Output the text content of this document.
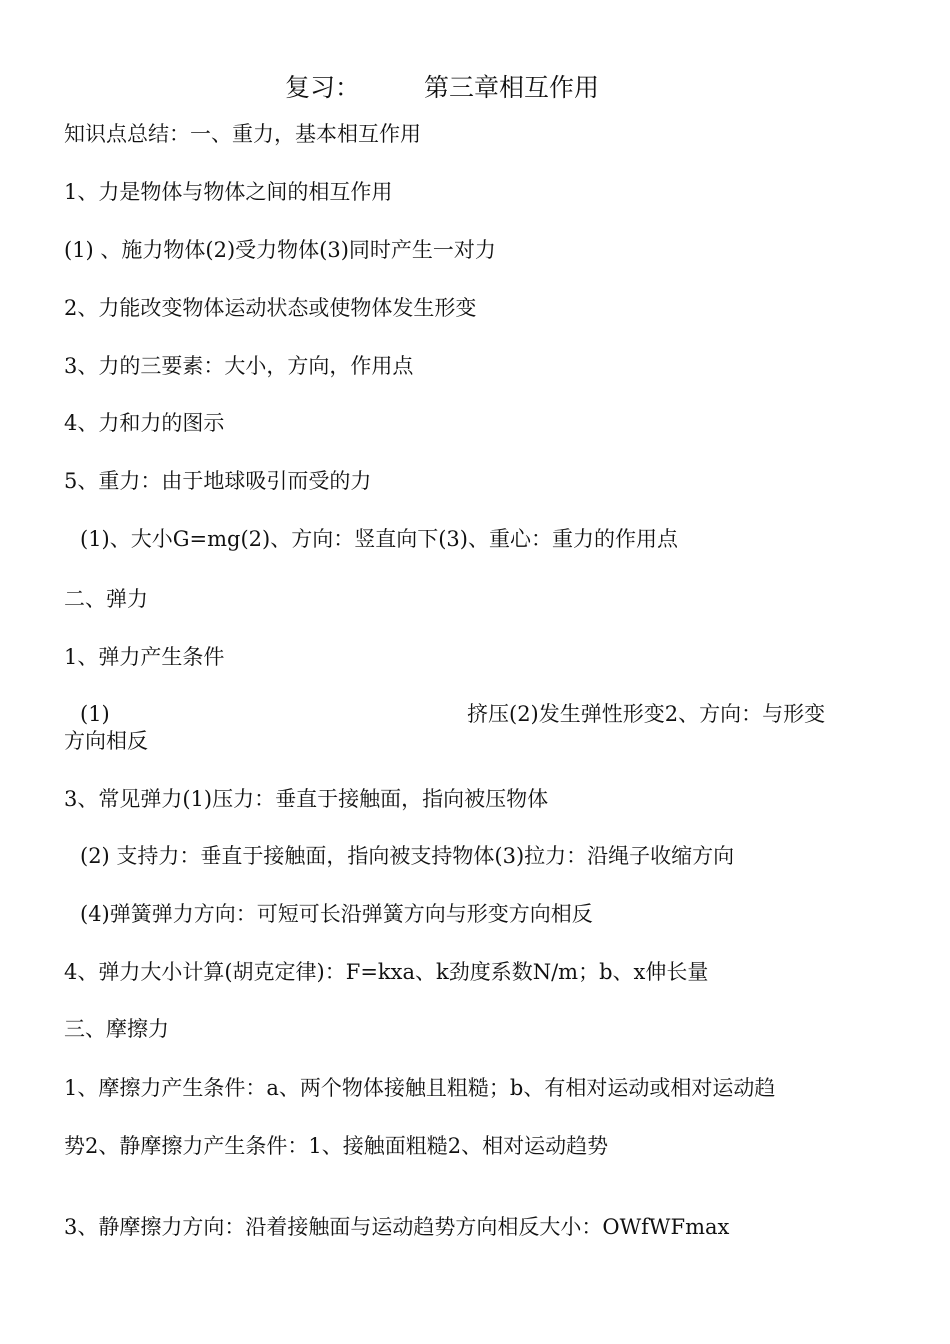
复习：	第三章相互作用
知识点总结：一、重力，基本相互作用
1、力是物体与物体之间的相互作用
(1) 、施力物体(2)受力物体(3)同时产生一对力
2、力能改变物体运动状态或使物体发生形变
3、力的三要素：大小，方向，作用点
4、力和力的图示
5、重力：由于地球吸引而受的力
(1)、大小G=mg(2)、方向：竖直向下(3)、重心：重力的作用点
二、弹力
1、弹力产生条件
(1)	挤压(2)发生弹性形变2、方向：与形变
方向相反
3、常见弹力(1)压力：垂直于接触面，指向被压物体
(2) 支持力：垂直于接触面，指向被支持物体(3)拉力：沿绳子收缩方向
(4)弹簧弹力方向：可短可长沿弹簧方向与形变方向相反
4、弹力大小计算(胡克定律)：F=kxa、k劲度系数N/m；b、x伸长量
三、摩擦力
1、摩擦力产生条件：a、两个物体接触且粗糙；b、有相对运动或相对运动趋
势2、静摩擦力产生条件：1、接触面粗糙2、相对运动趋势
3、静摩擦力方向：沿着接触面与运动趋势方向相反大小：OWfWFmax
